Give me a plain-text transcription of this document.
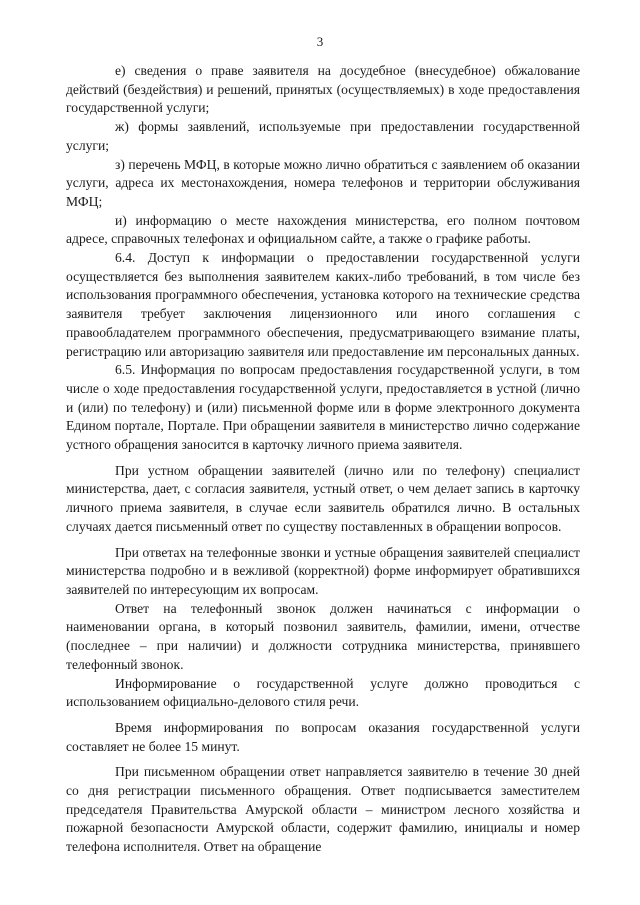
3

е) сведения о праве заявителя на досудебное (внесудебное) обжалование действий (бездействия) и решений, принятых (осуществляемых) в ходе предоставления государственной услуги;

ж) формы заявлений, используемые при предоставлении государственной услуги;

з) перечень МФЦ, в которые можно лично обратиться с заявлением об оказании услуги, адреса их местонахождения, номера телефонов и территории обслуживания МФЦ;

и) информацию о месте нахождения министерства, его полном почтовом адресе, справочных телефонах и официальном сайте, а также о графике работы.

6.4. Доступ к информации о предоставлении государственной услуги осуществляется без выполнения заявителем каких-либо требований, в том числе без использования программного обеспечения, установка которого на технические средства заявителя требует заключения лицензионного или иного соглашения с правообладателем программного обеспечения, предусматривающего взимание платы, регистрацию или авторизацию заявителя или предоставление им персональных данных.

6.5. Информация по вопросам предоставления государственной услуги, в том числе о ходе предоставления государственной услуги, предоставляется в устной (лично и (или) по телефону) и (или) письменной форме или в форме электронного документа Едином портале, Портале. При обращении заявителя в министерство лично содержание устного обращения заносится в карточку личного приема заявителя.

При устном обращении заявителей (лично или по телефону) специалист министерства, дает, с согласия заявителя, устный ответ, о чем делает запись в карточку личного приема заявителя, в случае если заявитель обратился лично. В остальных случаях дается письменный ответ по существу поставленных в обращении вопросов.

При ответах на телефонные звонки и устные обращения заявителей специалист министерства подробно и в вежливой (корректной) форме информирует обратившихся заявителей по интересующим их вопросам.

Ответ на телефонный звонок должен начинаться с информации о наименовании органа, в который позвонил заявитель, фамилии, имени, отчестве (последнее – при наличии) и должности сотрудника министерства, принявшего телефонный звонок.

Информирование о государственной услуге должно проводиться с использованием официально-делового стиля речи.

Время информирования по вопросам оказания государственной услуги составляет не более 15 минут.

При письменном обращении ответ направляется заявителю в течение 30 дней со дня регистрации письменного обращения. Ответ подписывается заместителем председателя Правительства Амурской области – министром лесного хозяйства и пожарной безопасности Амурской области, содержит фамилию, инициалы и номер телефона исполнителя. Ответ на обращение
